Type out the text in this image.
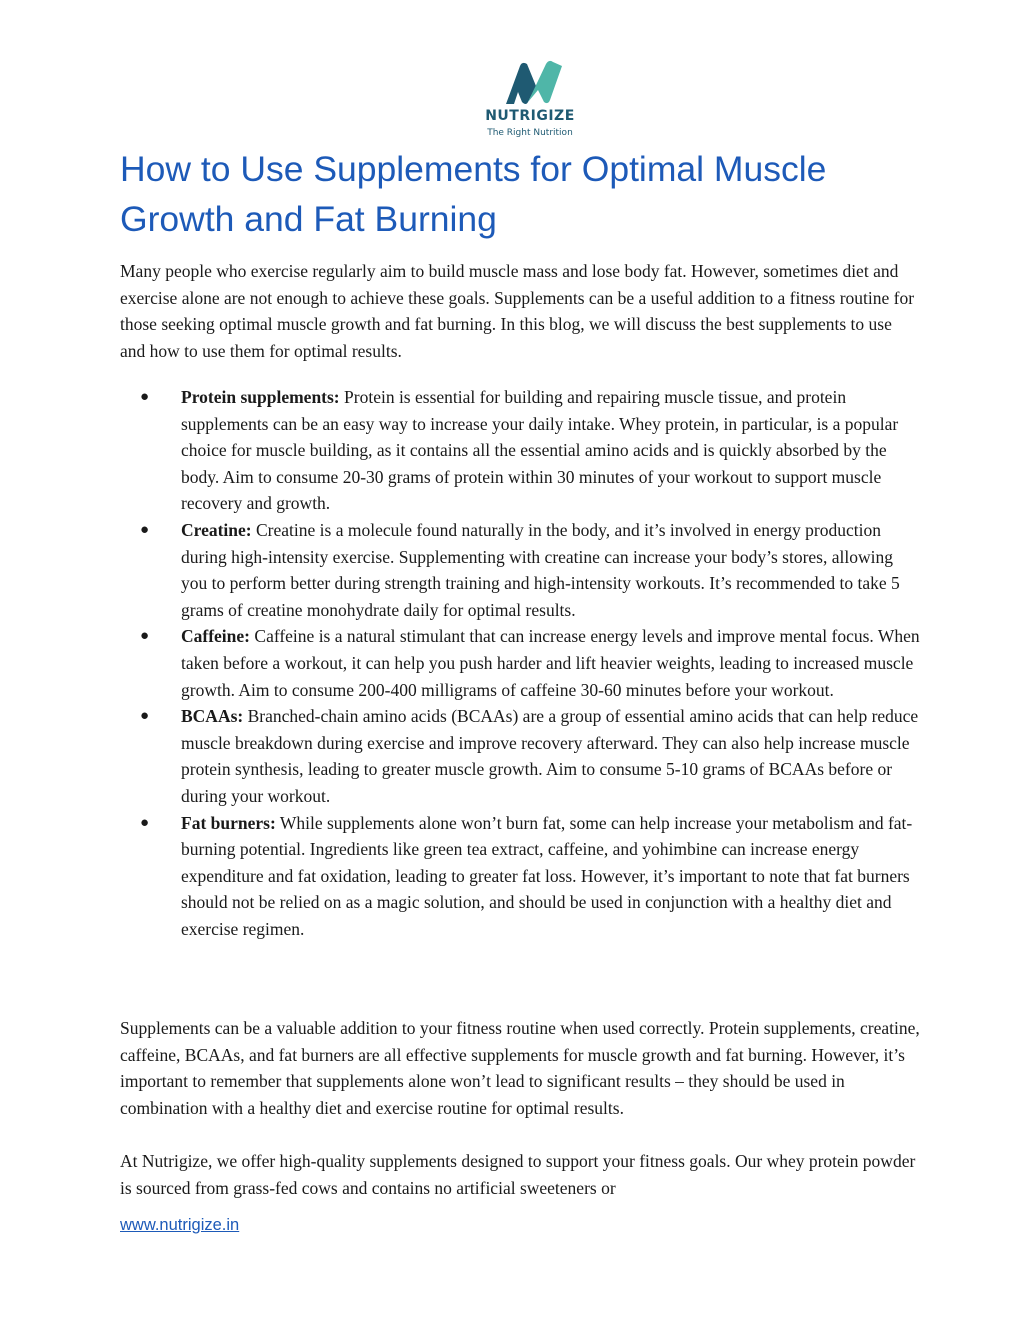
NUTRIGIZE
The Right Nutrition
How to Use Supplements for Optimal Muscle Growth and Fat Burning

Many people who exercise regularly aim to build muscle mass and lose body fat. However, sometimes diet and exercise alone are not enough to achieve these goals. Supplements can be a useful addition to a fitness routine for those seeking optimal muscle growth and fat burning. In this blog, we will discuss the best supplements to use and how to use them for optimal results.

● Protein supplements: Protein is essential for building and repairing muscle tissue, and protein supplements can be an easy way to increase your daily intake. Whey protein, in particular, is a popular choice for muscle building, as it contains all the essential amino acids and is quickly absorbed by the body. Aim to consume 20-30 grams of protein within 30 minutes of your workout to support muscle recovery and growth.
● Creatine: Creatine is a molecule found naturally in the body, and it’s involved in energy production during high-intensity exercise. Supplementing with creatine can increase your body’s stores, allowing you to perform better during strength training and high-intensity workouts. It’s recommended to take 5 grams of creatine monohydrate daily for optimal results.
● Caffeine: Caffeine is a natural stimulant that can increase energy levels and improve mental focus. When taken before a workout, it can help you push harder and lift heavier weights, leading to increased muscle growth. Aim to consume 200-400 milligrams of caffeine 30-60 minutes before your workout.
● BCAAs: Branched-chain amino acids (BCAAs) are a group of essential amino acids that can help reduce muscle breakdown during exercise and improve recovery afterward. They can also help increase muscle protein synthesis, leading to greater muscle growth. Aim to consume 5-10 grams of BCAAs before or during your workout.
● Fat burners: While supplements alone won’t burn fat, some can help increase your metabolism and fat-burning potential. Ingredients like green tea extract, caffeine, and yohimbine can increase energy expenditure and fat oxidation, leading to greater fat loss. However, it’s important to note that fat burners should not be relied on as a magic solution, and should be used in conjunction with a healthy diet and exercise regimen.

Supplements can be a valuable addition to your fitness routine when used correctly. Protein supplements, creatine, caffeine, BCAAs, and fat burners are all effective supplements for muscle growth and fat burning. However, it’s important to remember that supplements alone won’t lead to significant results – they should be used in combination with a healthy diet and exercise routine for optimal results.

At Nutrigize, we offer high-quality supplements designed to support your fitness goals. Our whey protein powder is sourced from grass-fed cows and contains no artificial sweeteners or

www.nutrigize.in
